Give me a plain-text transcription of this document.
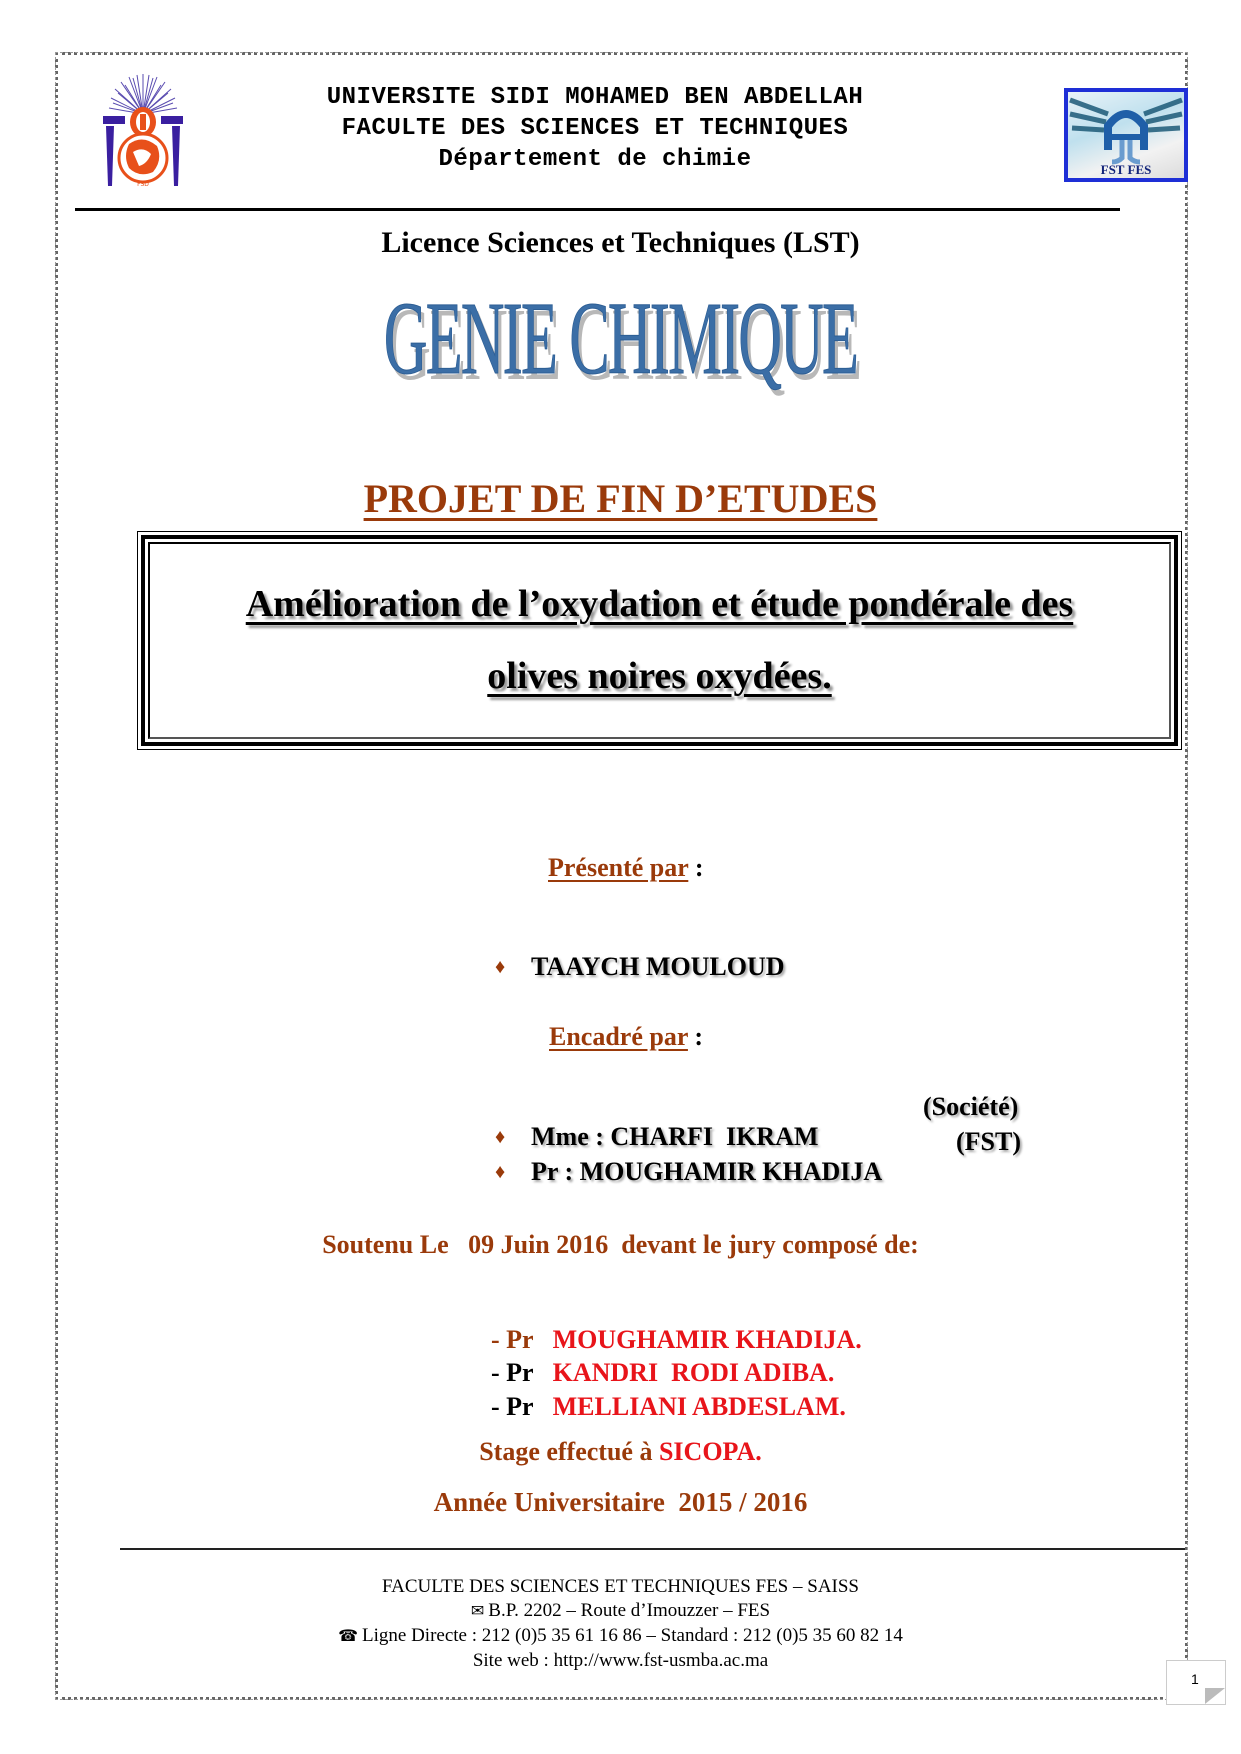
FSD
UNIVERSITE SIDI MOHAMED BEN ABDELLAH
FACULTE DES SCIENCES ET TECHNIQUES
Département de chimie	FST FES
Licence Sciences et Techniques (LST)
GENIE CHIMIQUE
PROJET DE FIN D’ETUDES
Amélioration de l’oxydation et étude pondérale des
olives noires oxydées.
Présenté par :

♦ TAAYCH MOULOUD

Encadré par :

♦ Mme : CHARFI  IKRAM

(Société)

♦ Pr : MOUGHAMIR KHADIJA

(FST)
Soutenu Le   09 Juin 2016  devant le jury composé de:

- Pr MOUGHAMIR KHADIJA.

- Pr KANDRI  RODI ADIBA.

- Pr MELLIANI ABDESLAM.

Stage effectué à SICOPA.
Année Universitaire  2015 / 2016
FACULTE DES SCIENCES ET TECHNIQUES FES – SAISS
✉ B.P. 2202 – Route d’Imouzzer – FES
☎ Ligne Directe : 212 (0)5 35 61 16 86 – Standard : 212 (0)5 35 60 82 14
Site web : http://www.fst-usmba.ac.ma
1
